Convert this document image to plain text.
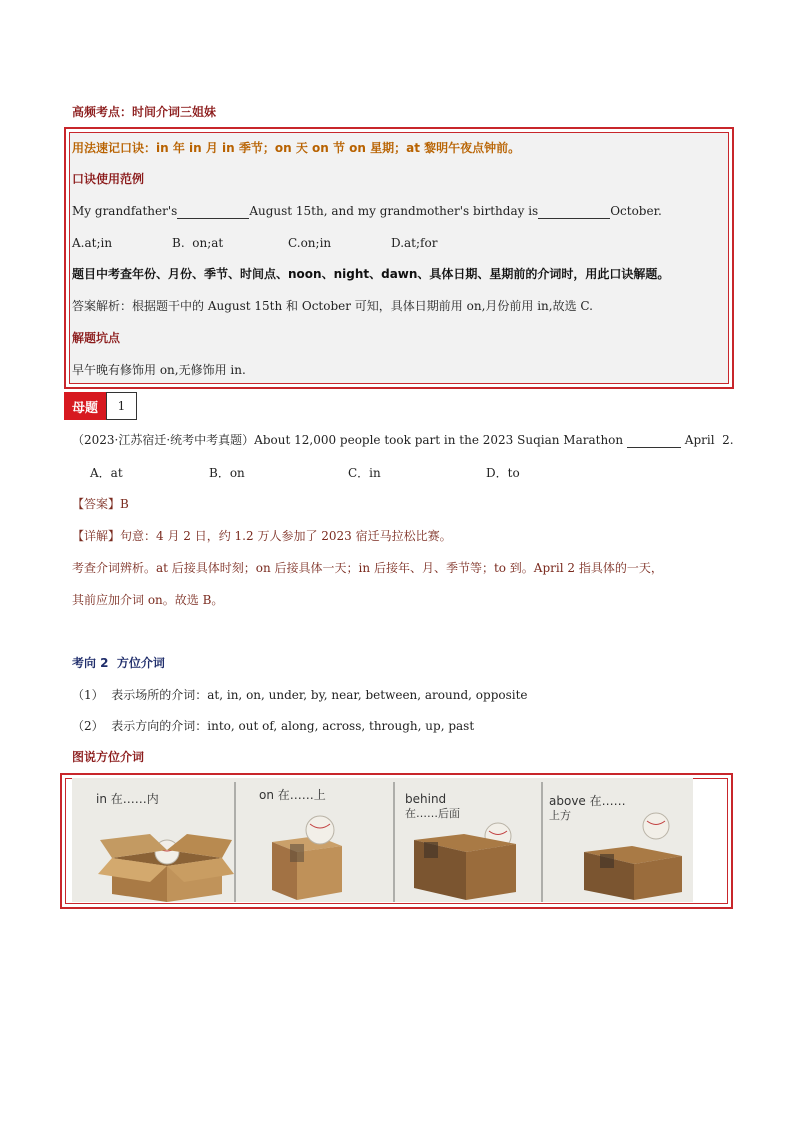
高频考点：时间介词三姐妹
用法速记口诀：in 年 in 月 in 季节；on 天 on 节 on 星期；at 黎明午夜点钟前。
口诀使用范例
My grandfather's	August 15th, and my grandmother's birthday is	October.
A.at;in	B.  on;at	C.on;in	D.at;for
题目中考查年份、月份、季节、时间点、noon、night、dawn、具体日期、星期前的介词时，用此口诀解题。
答案解析：根据题干中的 August 15th 和 October 可知，具体日期前用 on,月份前用 in,故选 C.
解题坑点
早午晚有修饰用 on,无修饰用 in.
母题	1
（2023·江苏宿迁·统考中考真题）About 12,000 people took part in the 2023 Suqian Marathon	April  2.
A．at	B．on	C．in	D．to
【答案】B
【详解】句意：4 月 2 日，约 1.2 万人参加了 2023 宿迁马拉松比赛。
考查介词辨析。at 后接具体时刻；on 后接具体一天；in 后接年、月、季节等；to 到。April 2 指具体的一天，
其前应加介词 on。故选 B。
考向 2  方位介词
（1）  表示场所的介词：at, in, on, under, by, near, between, around, opposite
（2）  表示方向的介词：into, out of, along, across, through, up, past
图说方位介词
in 在……内	on 在……上	behind
在……后面
above 在……
上方
